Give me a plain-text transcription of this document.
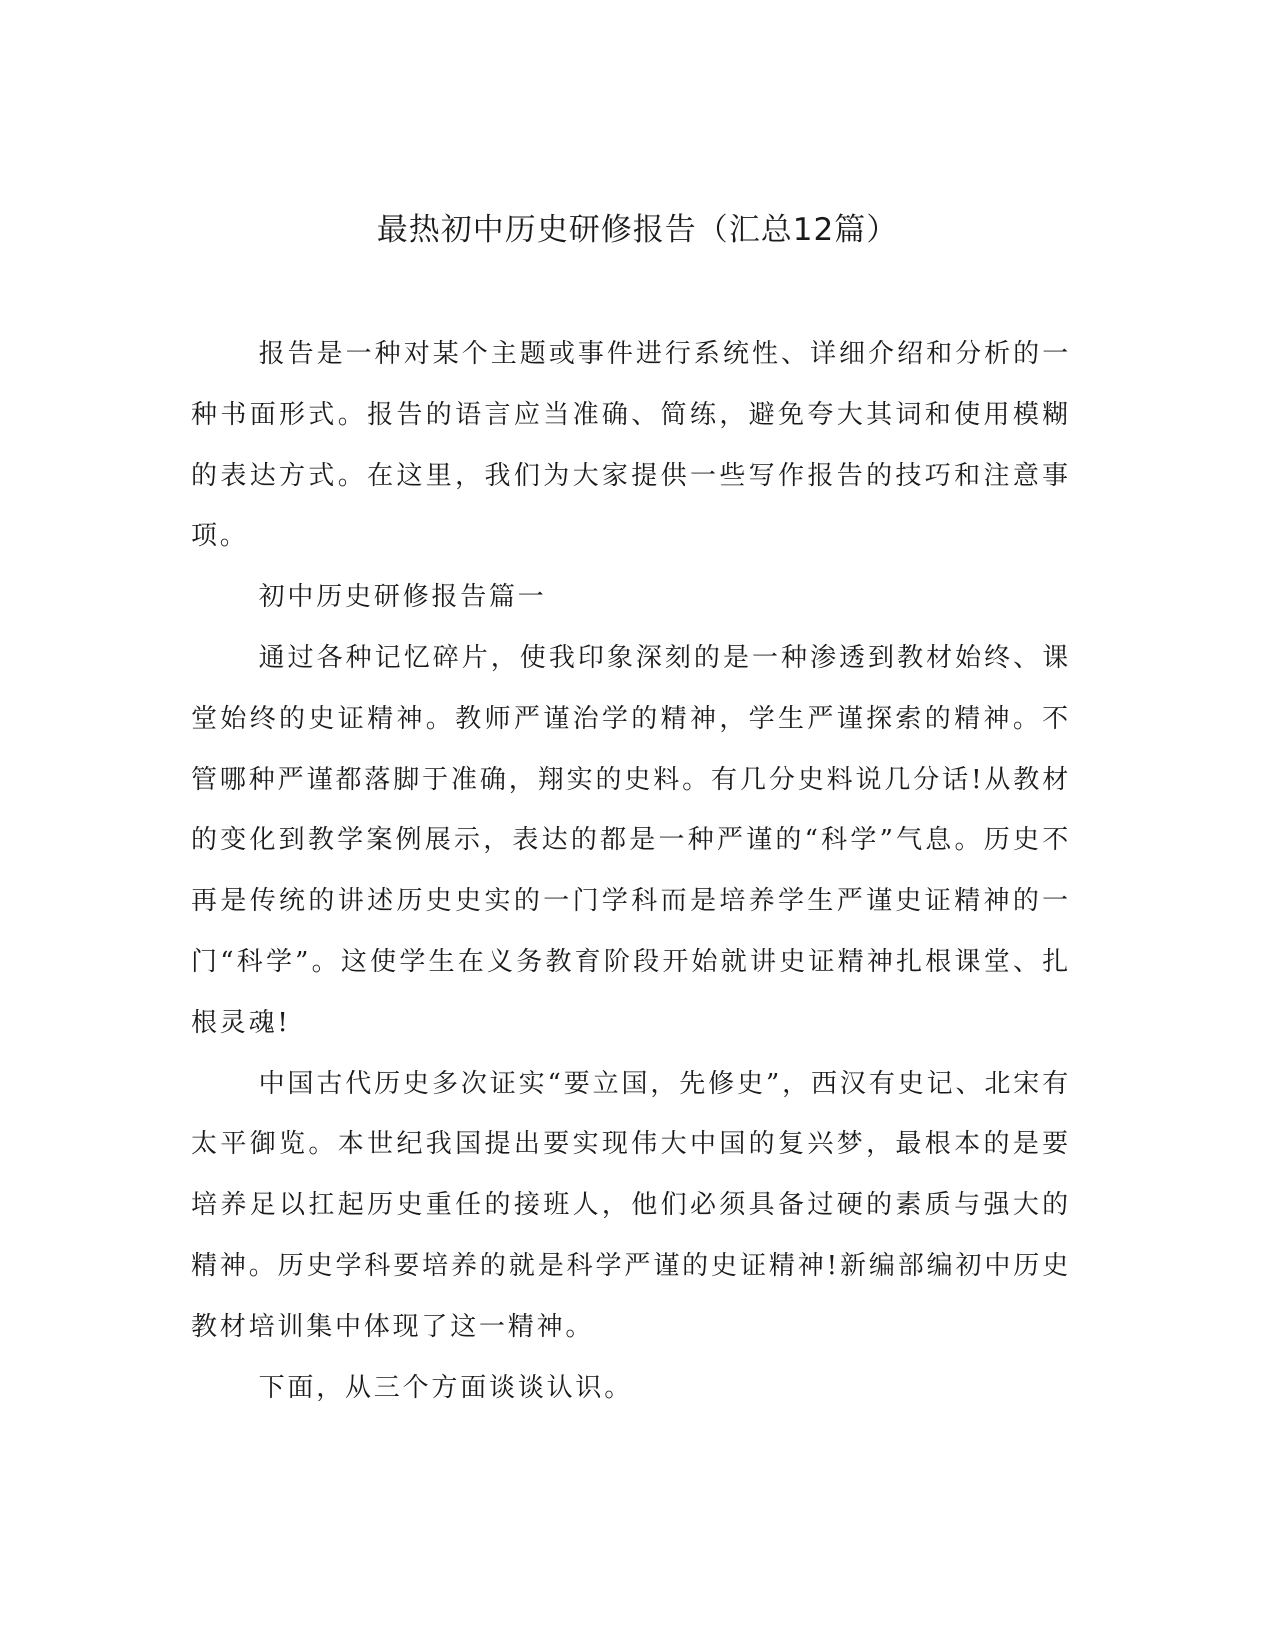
最热初中历史研修报告（汇总12篇）

报告是一种对某个主题或事件进行系统性、详细介绍和分析的一种书面形式。报告的语言应当准确、简练，避免夸大其词和使用模糊的表达方式。在这里，我们为大家提供一些写作报告的技巧和注意事项。

初中历史研修报告篇一

通过各种记忆碎片，使我印象深刻的是一种渗透到教材始终、课堂始终的史证精神。教师严谨治学的精神，学生严谨探索的精神。不管哪种严谨都落脚于准确，翔实的史料。有几分史料说几分话!从教材的变化到教学案例展示，表达的都是一种严谨的“科学”气息。历史不再是传统的讲述历史史实的一门学科而是培养学生严谨史证精神的一门“科学”。这使学生在义务教育阶段开始就讲史证精神扎根课堂、扎根灵魂!

中国古代历史多次证实“要立国，先修史”，西汉有史记、北宋有太平御览。本世纪我国提出要实现伟大中国的复兴梦，最根本的是要培养足以扛起历史重任的接班人，他们必须具备过硬的素质与强大的精神。历史学科要培养的就是科学严谨的史证精神!新编部编初中历史教材培训集中体现了这一精神。

下面，从三个方面谈谈认识。
